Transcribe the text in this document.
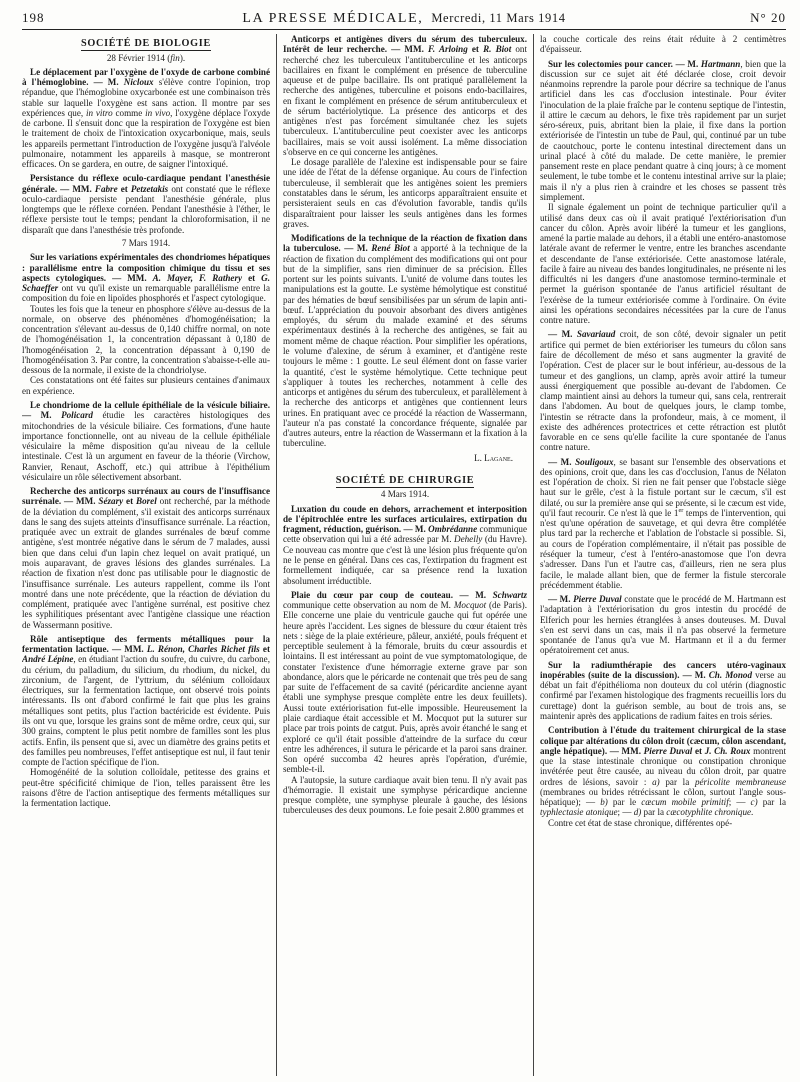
198	LA PRESSE MÉDICALE, Mercredi, 11 Mars 1914	N° 20
SOCIÉTÉ DE BIOLOGIE

28 Février 1914 (fin).

Le déplacement par l'oxygène de l'oxyde de carbone combiné à l'hémoglobine. — M. Nicloux s'élève contre l'opinion, trop répandue, que l'hémoglobine oxycarbonée est une combinaison très stable sur laquelle l'oxygène est sans action. Il montre par ses expériences que, in vitro comme in vivo, l'oxygène déplace l'oxyde de carbone. Il s'ensuit donc que la respiration de l'oxygène est bien le traitement de choix de l'intoxication oxycarbonique, mais, seuls les appareils permettant l'introduction de l'oxygène jusqu'à l'alvéole pulmonaire, notamment les appareils à masque, se montreront efficaces. On se gardera, en outre, de saigner l'intoxiqué.

Persistance du réflexe oculo-cardiaque pendant l'anesthésie générale. — MM. Fabre et Petzetakis ont constaté que le réflexe oculo-cardiaque persiste pendant l'anesthésie générale, plus longtemps que le réflexe cornéen. Pendant l'anesthésie à l'éther, le réflexe persiste tout le temps; pendant la chloroformisation, il ne disparaît que dans l'anesthésie très profonde.

7 Mars 1914.

Sur les variations expérimentales des chondriomes hépatiques : parallélisme entre la composition chimique du tissu et ses aspects cytologiques. — MM. A. Mayer, F. Rathery et G. Schaeffer ont vu qu'il existe un remarquable parallélisme entre la composition du foie en lipoïdes phosphorés et l'aspect cytologique.

Toutes les fois que la teneur en phosphore s'élève au-dessus de la normale, on observe des phénomènes d'homogénéisation; la concentration s'élevant au-dessus de 0,140 chiffre normal, on note de l'homogénéisation 1, la concentration dépassant à 0,180 de l'homogénéisation 2, la concentration dépassant à 0,190 de l'homogénéisation 3. Par contre, la concentration s'abaisse-t-elle au-dessous de la normale, il existe de la chondriolyse.

Ces constatations ont été faites sur plusieurs centaines d'animaux en expérience.

Le chondriome de la cellule épithéliale de la vésicule biliaire. — M. Policard étudie les caractères histologiques des mitochondries de la vésicule biliaire. Ces formations, d'une haute importance fonctionnelle, ont au niveau de la cellule épithéliale vésiculaire la même disposition qu'au niveau de la cellule intestinale. C'est là un argument en faveur de la théorie (Virchow, Ranvier, Renaut, Aschoff, etc.) qui attribue à l'épithélium vésiculaire un rôle sélectivement absorbant.

Recherche des anticorps surrénaux au cours de l'insuffisance surrénale. — MM. Sézary et Borel ont recherché, par la méthode de la déviation du complément, s'il existait des anticorps surrénaux dans le sang des sujets atteints d'insuffisance surrénale. La réaction, pratiquée avec un extrait de glandes surrénales de bœuf comme antigène, s'est montrée négative dans le sérum de 7 malades, aussi bien que dans celui d'un lapin chez lequel on avait pratiqué, un mois auparavant, de graves lésions des glandes surrénales. La réaction de fixation n'est donc pas utilisable pour le diagnostic de l'insuffisance surrénale. Les auteurs rappellent, comme ils l'ont montré dans une note précédente, que la réaction de déviation du complément, pratiquée avec l'antigène surrénal, est positive chez les syphilitiques présentant avec l'antigène classique une réaction de Wassermann positive.

Rôle antiseptique des ferments métalliques pour la fermentation lactique. — MM. L. Rénon, Charles Richet fils et André Lépine, en étudiant l'action du soufre, du cuivre, du carbone, du cérium, du palladium, du silicium, du rhodium, du nickel, du zirconium, de l'argent, de l'yttrium, du sélénium colloïdaux électriques, sur la fermentation lactique, ont observé trois points intéressants. Ils ont d'abord confirmé le fait que plus les grains métalliques sont petits, plus l'action bactéricide est évidente. Puis ils ont vu que, lorsque les grains sont de même ordre, ceux qui, sur 300 grains, comptent le plus petit nombre de familles sont les plus actifs. Enfin, ils pensent que si, avec un diamètre des grains petits et des familles peu nombreuses, l'effet antiseptique est nul, il faut tenir compte de l'action spécifique de l'ion.

Homogénéité de la solution colloïdale, petitesse des grains et peut-être spécificité chimique de l'ion, telles paraissent être les raisons d'être de l'action antiseptique des ferments métalliques sur la fermentation lactique.

Anticorps et antigènes divers du sérum des tuberculeux. Intérêt de leur recherche. — MM. F. Arloing et R. Biot ont recherché chez les tuberculeux l'antituberculine et les anticorps bacillaires en fixant le complément en présence de tuberculine aqueuse et de pulpe bacillaire. Ils ont pratiqué parallèlement la recherche des antigènes, tuberculine et poisons endo-bacillaires, en fixant le complément en présence de sérum antituberculeux et de sérum bactériolytique. La présence des anticorps et des antigènes n'est pas forcément simultanée chez les sujets tuberculeux. L'antituberculine peut coexister avec les anticorps bacillaires, mais se voit aussi isolément. La même dissociation s'observe en ce qui concerne les antigènes.

Le dosage parallèle de l'alexine est indispensable pour se faire une idée de l'état de la défense organique. Au cours de l'infection tuberculeuse, il semblerait que les antigènes soient les premiers constatables dans le sérum, les anticorps apparaîtraient ensuite et persisteraient seuls en cas d'évolution favorable, tandis qu'ils disparaîtraient pour laisser les seuls antigènes dans les formes graves.

Modifications de la technique de la réaction de fixation dans la tuberculose. — M. René Biot a apporté à la technique de la réaction de fixation du complément des modifications qui ont pour but de la simplifier, sans rien diminuer de sa précision. Elles portent sur les points suivants. L'unité de volume dans toutes les manipulations est la goutte. Le système hémolytique est constitué par des hématies de bœuf sensibilisées par un sérum de lapin anti-bœuf. L'appréciation du pouvoir absorbant des divers antigènes employés, du sérum du malade examiné et des sérums expérimentaux destinés à la recherche des antigènes, se fait au moment même de chaque réaction. Pour simplifier les opérations, le volume d'alexine, de sérum à examiner, et d'antigène reste toujours le même : 1 goutte. Le seul élément dont on fasse varier la quantité, c'est le système hémolytique. Cette technique peut s'appliquer à toutes les recherches, notamment à celle des anticorps et antigènes du sérum des tuberculeux, et parallèlement à la recherche des anticorps et antigènes que contiennent leurs urines. En pratiquant avec ce procédé la réaction de Wassermann, l'auteur n'a pas constaté la concordance fréquente, signalée par d'autres auteurs, entre la réaction de Wassermann et la fixation à la tuberculine.

L. Lagane.
SOCIÉTÉ DE CHIRURGIE

4 Mars 1914.

Luxation du coude en dehors, arrachement et interposition de l'épitrochlée entre les surfaces articulaires, extirpation du fragment, réduction, guérison. — M. Ombrédanne communique cette observation qui lui a été adressée par M. Dehelly (du Havre). Ce nouveau cas montre que c'est là une lésion plus fréquente qu'on ne le pense en général. Dans ces cas, l'extirpation du fragment est formellement indiquée, car sa présence rend la luxation absolument irréductible.

Plaie du cœur par coup de couteau. — M. Schwartz communique cette observation au nom de M. Mocquot (de Paris). Elle concerne une plaie du ventricule gauche qui fut opérée une heure après l'accident. Les signes de blessure du cœur étaient très nets : siège de la plaie extérieure, pâleur, anxiété, pouls fréquent et perceptible seulement à la fémorale, bruits du cœur assourdis et lointains. Il est intéressant au point de vue symptomatologique, de constater l'existence d'une hémorragie externe grave par son abondance, alors que le péricarde ne contenait que très peu de sang par suite de l'effacement de sa cavité (péricardite ancienne ayant établi une symphyse presque complète entre les deux feuillets). Aussi toute extériorisation fut-elle impossible. Heureusement la plaie cardiaque était accessible et M. Mocquot put la suturer sur place par trois points de catgut. Puis, après avoir étanché le sang et exploré ce qu'il était possible d'atteindre de la surface du cœur entre les adhérences, il sutura le péricarde et la paroi sans drainer. Son opéré succomba 42 heures après l'opération, d'urémie, semble-t-il.

A l'autopsie, la suture cardiaque avait bien tenu. Il n'y avait pas d'hémorragie. Il existait une symphyse péricardique ancienne presque complète, une symphyse pleurale à gauche, des lésions tuberculeuses des deux poumons. Le foie pesait 2.800 grammes et

la couche corticale des reins était réduite à 2 centimètres d'épaisseur.

Sur les colectomies pour cancer. — M. Hartmann, bien que la discussion sur ce sujet ait été déclarée close, croit devoir néanmoins reprendre la parole pour décrire sa technique de l'anus artificiel dans les cas d'occlusion intestinale. Pour éviter l'inoculation de la plaie fraîche par le contenu septique de l'intestin, il attire le cæcum au dehors, le fixe très rapidement par un surjet séro-séreux, puis, abritant bien la plaie, il fixe dans la portion extériorisée de l'intestin un tube de Paul, qui, continué par un tube de caoutchouc, porte le contenu intestinal directement dans un urinal placé à côté du malade. De cette manière, le premier pansement reste en place pendant quatre à cinq jours; à ce moment seulement, le tube tombe et le contenu intestinal arrive sur la plaie; mais il n'y a plus rien à craindre et les choses se passent très simplement.

Il signale également un point de technique particulier qu'il a utilisé dans deux cas où il avait pratiqué l'extériorisation d'un cancer du côlon. Après avoir libéré la tumeur et les ganglions, amené la partie malade au dehors, il a établi une entéro-anastomose latérale avant de refermer le ventre, entre les branches ascendante et descendante de l'anse extériorisée. Cette anastomose latérale, facile à faire au niveau des bandes longitudinales, ne présente ni les difficultés ni les dangers d'une anastomose termino-terminale et permet la guérison spontanée de l'anus artificiel résultant de l'exérèse de la tumeur extériorisée comme à l'ordinaire. On évite ainsi les opérations secondaires nécessitées par la cure de l'anus contre nature.

— M. Savariaud croit, de son côté, devoir signaler un petit artifice qui permet de bien extérioriser les tumeurs du côlon sans faire de décollement de méso et sans augmenter la gravité de l'opération. C'est de placer sur le bout inférieur, au-dessous de la tumeur et des ganglions, un clamp, après avoir attiré la tumeur aussi énergiquement que possible au-devant de l'abdomen. Ce clamp maintient ainsi au dehors la tumeur qui, sans cela, rentrerait dans l'abdomen. Au bout de quelques jours, le clamp tombe, l'intestin se rétracte dans la profondeur, mais, à ce moment, il existe des adhérences protectrices et cette rétraction est plutôt favorable en ce sens qu'elle facilite la cure spontanée de l'anus contre nature.

— M. Souligoux, se basant sur l'ensemble des observations et des opinions, croit que, dans les cas d'occlusion, l'anus de Nélaton est l'opération de choix. Si rien ne fait penser que l'obstacle siège haut sur le grêle, c'est à la fistule portant sur le cæcum, s'il est dilaté, ou sur la première anse qui se présente, si le cæcum est vide, qu'il faut recourir. Ce n'est là que le 1er temps de l'intervention, qui n'est qu'une opération de sauvetage, et qui devra être complétée plus tard par la recherche et l'ablation de l'obstacle si possible. Si, au cours de l'opération complémentaire, il n'était pas possible de réséquer la tumeur, c'est à l'entéro-anastomose que l'on devra s'adresser. Dans l'un et l'autre cas, d'ailleurs, rien ne sera plus facile, le malade allant bien, que de fermer la fistule stercorale précédemment établie.

— M. Pierre Duval constate que le procédé de M. Hartmann est l'adaptation à l'extériorisation du gros intestin du procédé de Elferich pour les hernies étranglées à anses douteuses. M. Duval s'en est servi dans un cas, mais il n'a pas observé la fermeture spontanée de l'anus qu'a vue M. Hartmann et il a du fermer opératoirement cet anus.

Sur la radiumthérapie des cancers utéro-vaginaux inopérables (suite de la discussion). — M. Ch. Monod verse au débat un fait d'épithélioma non douteux du col utérin (diagnostic confirmé par l'examen histologique des fragments recueillis lors du curettage) dont la guérison semble, au bout de trois ans, se maintenir après des applications de radium faites en trois séries.

Contribution à l'étude du traitement chirurgical de la stase colique par altérations du côlon droit (cæcum, côlon ascendant, angle hépatique). — MM. Pierre Duval et J. Ch. Roux montrent que la stase intestinale chronique ou constipation chronique invétérée peut être causée, au niveau du côlon droit, par quatre ordres de lésions, savoir : a) par la péricolite membraneuse (membranes ou brides rétrécissant le côlon, surtout l'angle sous-hépatique); — b) par le cæcum mobile primitif; — c) par la typhlectasie atonique; — d) par la cæcotyphlite chronique.

Contre cet état de stase chronique, différentes opé-
